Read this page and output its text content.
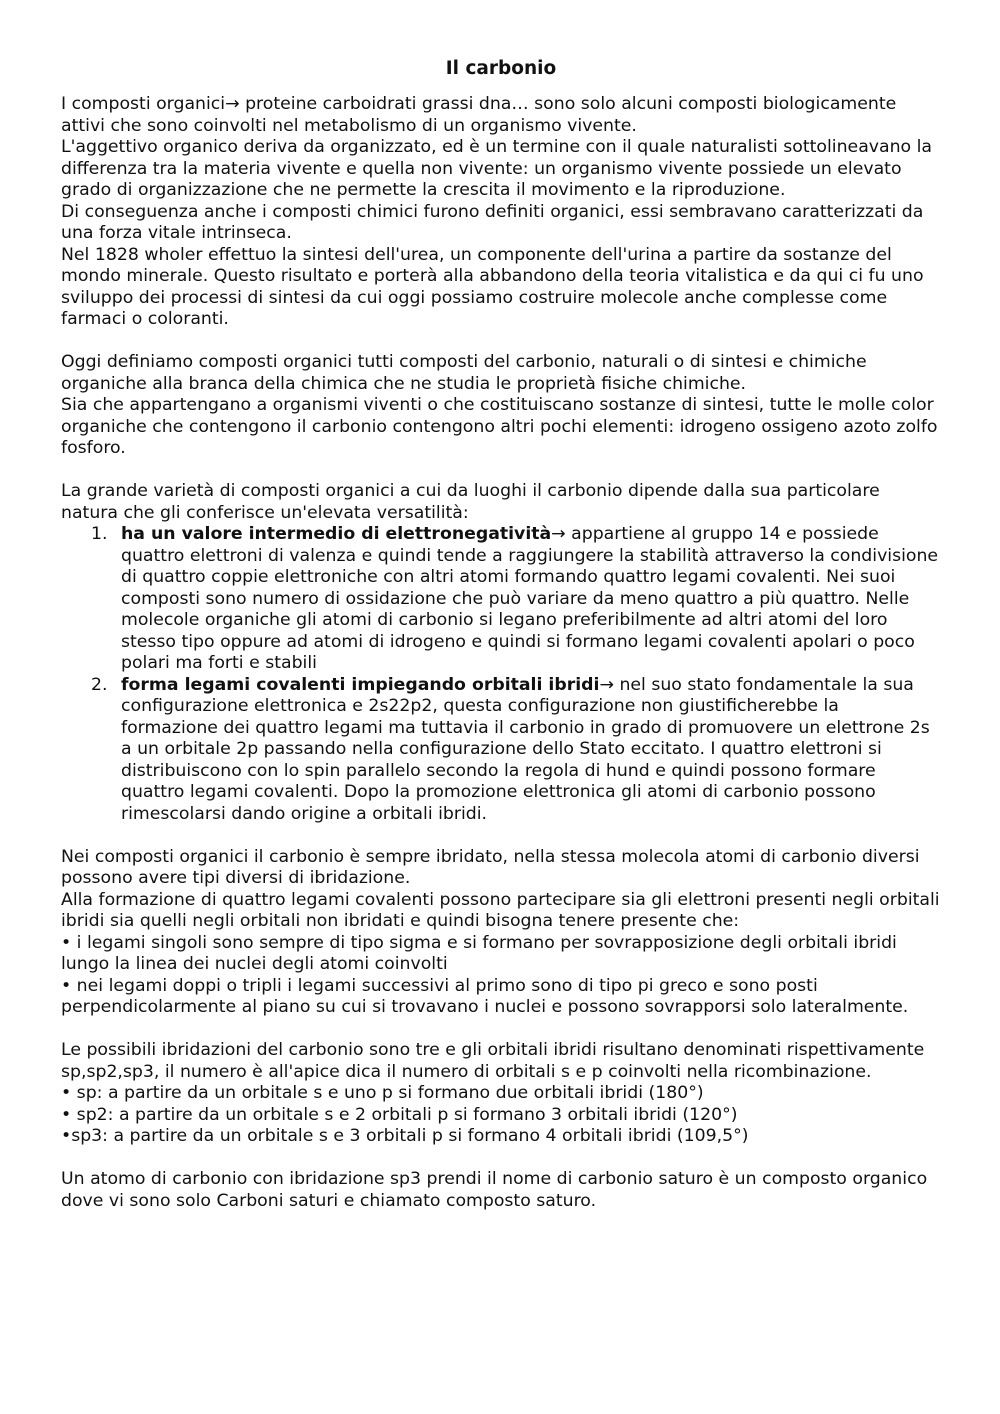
Il carbonio

I composti organici→ proteine carboidrati grassi dna… sono solo alcuni composti biologicamente attivi che sono coinvolti nel metabolismo di un organismo vivente.

L'aggettivo organico deriva da organizzato, ed è un termine con il quale naturalisti sottolineavano la differenza tra la materia vivente e quella non vivente: un organismo vivente possiede un elevato grado di organizzazione che ne permette la crescita il movimento e la riproduzione.

Di conseguenza anche i composti chimici furono definiti organici, essi sembravano caratterizzati da una forza vitale intrinseca.

Nel 1828 wholer effettuo la sintesi dell'urea, un componente dell'urina a partire da sostanze del mondo minerale. Questo risultato e porterà alla abbandono della teoria vitalistica e da qui ci fu uno sviluppo dei processi di sintesi da cui oggi possiamo costruire molecole anche complesse come farmaci o coloranti.

Oggi definiamo composti organici tutti composti del carbonio, naturali o di sintesi e chimiche organiche alla branca della chimica che ne studia le proprietà fisiche chimiche.

Sia che appartengano a organismi viventi o che costituiscano sostanze di sintesi, tutte le molle color organiche che contengono il carbonio contengono altri pochi elementi: idrogeno ossigeno azoto zolfo fosforo.

La grande varietà di composti organici a cui da luoghi il carbonio dipende dalla sua particolare natura che gli conferisce un'elevata versatilità:

1. ha un valore intermedio di elettronegatività→ appartiene al gruppo 14 e possiede quattro elettroni di valenza e quindi tende a raggiungere la stabilità attraverso la condivisione di quattro coppie elettroniche con altri atomi formando quattro legami covalenti. Nei suoi composti sono numero di ossidazione che può variare da meno quattro a più quattro. Nelle molecole organiche gli atomi di carbonio si legano preferibilmente ad altri atomi del loro stesso tipo oppure ad atomi di idrogeno e quindi si formano legami covalenti apolari o poco polari ma forti e stabili
2. forma legami covalenti impiegando orbitali ibridi→ nel suo stato fondamentale la sua configurazione elettronica e 2s22p2, questa configurazione non giustificherebbe la formazione dei quattro legami ma tuttavia il carbonio in grado di promuovere un elettrone 2s a un orbitale 2p passando nella configurazione dello Stato eccitato. I quattro elettroni si distribuiscono con lo spin parallelo secondo la regola di hund e quindi possono formare quattro legami covalenti. Dopo la promozione elettronica gli atomi di carbonio possono rimescolarsi dando origine a orbitali ibridi.

Nei composti organici il carbonio è sempre ibridato, nella stessa molecola atomi di carbonio diversi possono avere tipi diversi di ibridazione.

Alla formazione di quattro legami covalenti possono partecipare sia gli elettroni presenti negli orbitali ibridi sia quelli negli orbitali non ibridati e quindi bisogna tenere presente che:

• i legami singoli sono sempre di tipo sigma e si formano per sovrapposizione degli orbitali ibridi lungo la linea dei nuclei degli atomi coinvolti

• nei legami doppi o tripli i legami successivi al primo sono di tipo pi greco e sono posti perpendicolarmente al piano su cui si trovavano i nuclei e possono sovrapporsi solo lateralmente.

Le possibili ibridazioni del carbonio sono tre e gli orbitali ibridi risultano denominati rispettivamente sp,sp2,sp3, il numero è all'apice dica il numero di orbitali s e p coinvolti nella ricombinazione.

• sp: a partire da un orbitale s e uno p si formano due orbitali ibridi (180°)

• sp2: a partire da un orbitale s e 2 orbitali p si formano 3 orbitali ibridi (120°)

•sp3: a partire da un orbitale s e 3 orbitali p si formano 4 orbitali ibridi (109,5°)

Un atomo di carbonio con ibridazione sp3 prendi il nome di carbonio saturo è un composto organico dove vi sono solo Carboni saturi e chiamato composto saturo.
